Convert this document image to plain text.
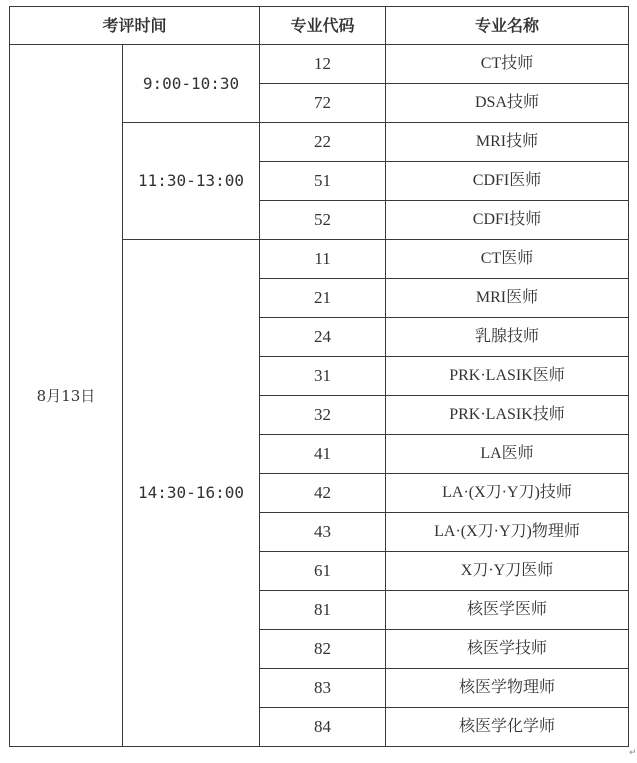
考评时间		专业代码	专业名称
8月13日	9:00-10:30	12	CT技师
		72	DSA技师
	11:30-13:00	22	MRI技师
		51	CDFI医师
		52	CDFI技师
	14:30-16:00	11	CT医师
		21	MRI医师
		24	乳腺技师
		31	PRK·LASIK医师
		32	PRK·LASIK技师
		41	LA医师
		42	LA·(X刀·Y刀)技师
		43	LA·(X刀·Y刀)物理师
		61	X刀·Y刀医师
		81	核医学医师
		82	核医学技师
		83	核医学物理师
		84	核医学化学师
↵
